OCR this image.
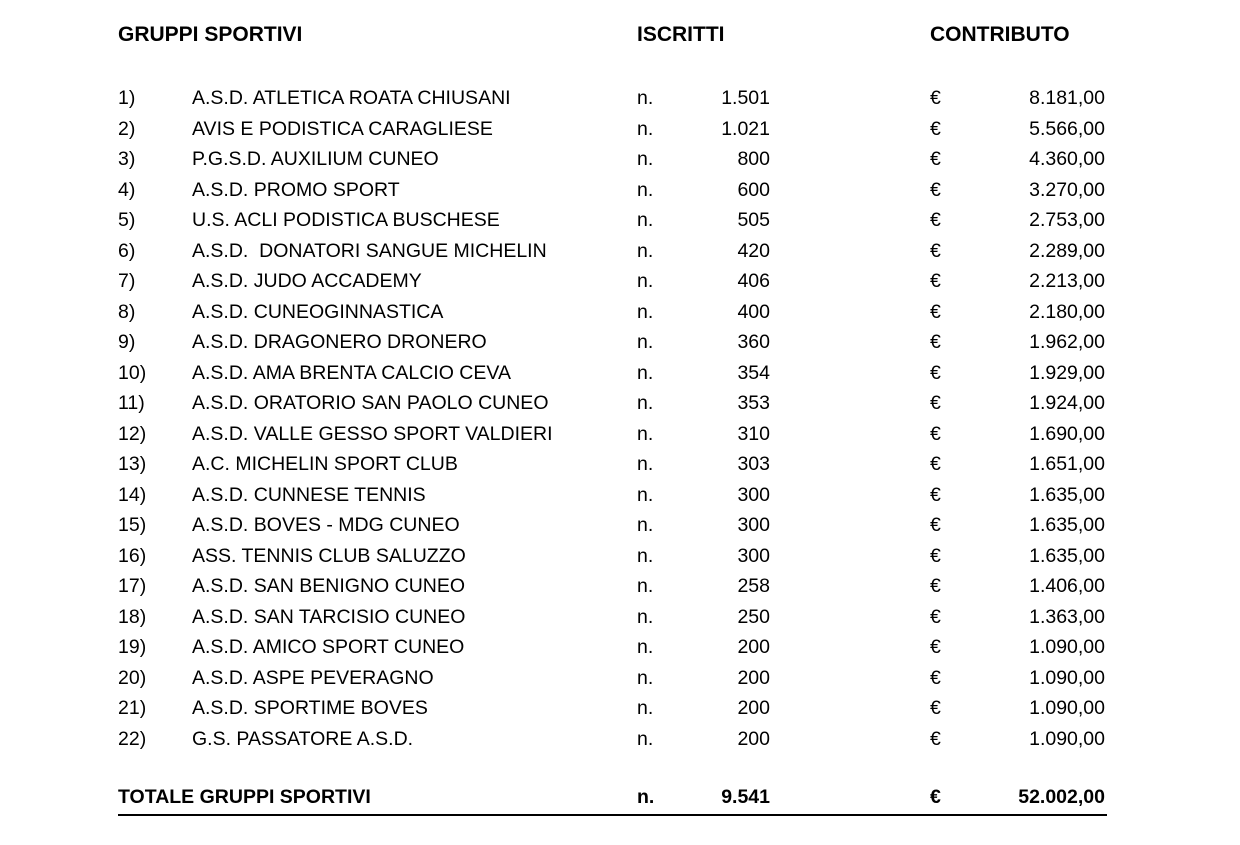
GRUPPI SPORTIVI	ISCRITTI	CONTRIBUTO
1)	A.S.D. ATLETICA ROATA CHIUSANI	n.	1.501	€	8.181,00
2)	AVIS E PODISTICA CARAGLIESE	n.	1.021	€	5.566,00
3)	P.G.S.D. AUXILIUM CUNEO	n.	800	€	4.360,00
4)	A.S.D. PROMO SPORT	n.	600	€	3.270,00
5)	U.S. ACLI PODISTICA BUSCHESE	n.	505	€	2.753,00
6)	A.S.D.  DONATORI SANGUE MICHELIN	n.	420	€	2.289,00
7)	A.S.D. JUDO ACCADEMY	n.	406	€	2.213,00
8)	A.S.D. CUNEOGINNASTICA	n.	400	€	2.180,00
9)	A.S.D. DRAGONERO DRONERO	n.	360	€	1.962,00
10)	A.S.D. AMA BRENTA CALCIO CEVA	n.	354	€	1.929,00
11)	A.S.D. ORATORIO SAN PAOLO CUNEO	n.	353	€	1.924,00
12)	A.S.D. VALLE GESSO SPORT VALDIERI	n.	310	€	1.690,00
13)	A.C. MICHELIN SPORT CLUB	n.	303	€	1.651,00
14)	A.S.D. CUNNESE TENNIS	n.	300	€	1.635,00
15)	A.S.D. BOVES - MDG CUNEO	n.	300	€	1.635,00
16)	ASS. TENNIS CLUB SALUZZO	n.	300	€	1.635,00
17)	A.S.D. SAN BENIGNO CUNEO	n.	258	€	1.406,00
18)	A.S.D. SAN TARCISIO CUNEO	n.	250	€	1.363,00
19)	A.S.D. AMICO SPORT CUNEO	n.	200	€	1.090,00
20)	A.S.D. ASPE PEVERAGNO	n.	200	€	1.090,00
21)	A.S.D. SPORTIME BOVES	n.	200	€	1.090,00
22)	G.S. PASSATORE A.S.D.	n.	200	€	1.090,00
TOTALE GRUPPI SPORTIVI	n.	9.541	€	52.002,00
